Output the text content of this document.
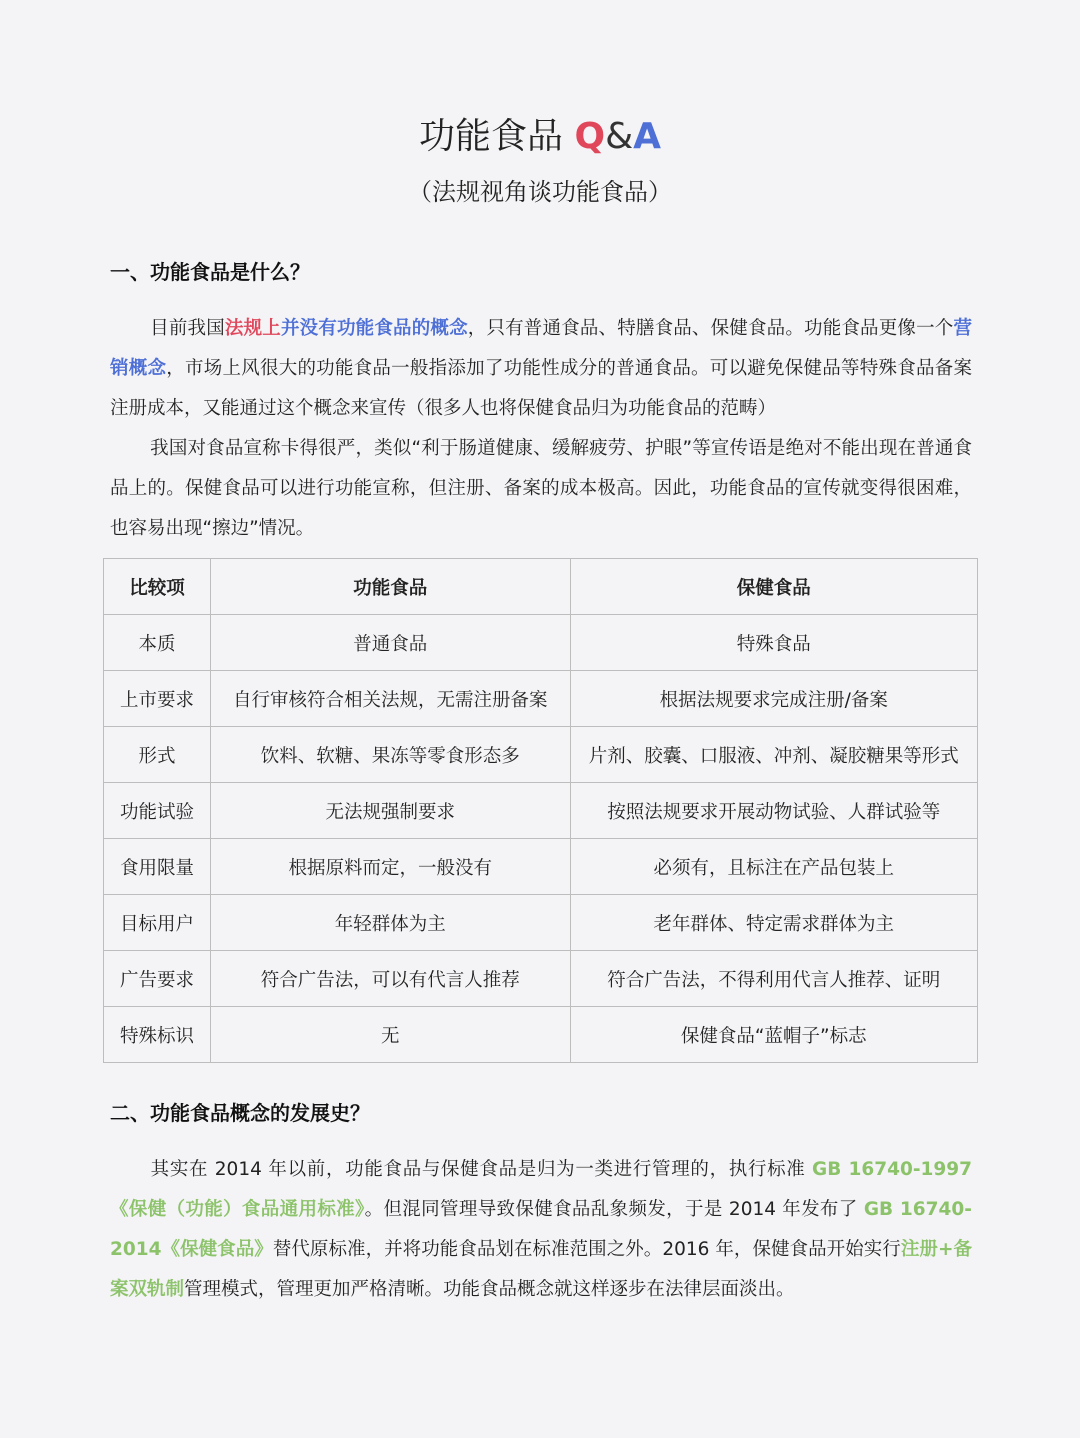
功能食品 Q&A
（法规视角谈功能食品）
一、功能食品是什么？
目前我国法规上并没有功能食品的概念，只有普通食品、特膳食品、保健食品。功能食品更像一个营销概念，市场上风很大的功能食品一般指添加了功能性成分的普通食品。可以避免保健品等特殊食品备案注册成本，又能通过这个概念来宣传（很多人也将保健食品归为功能食品的范畴）
我国对食品宣称卡得很严，类似“利于肠道健康、缓解疲劳、护眼”等宣传语是绝对不能出现在普通食品上的。保健食品可以进行功能宣称，但注册、备案的成本极高。因此，功能食品的宣传就变得很困难，也容易出现“擦边”情况。
比较项	功能食品	保健食品
本质	普通食品	特殊食品
上市要求	自行审核符合相关法规，无需注册备案	根据法规要求完成注册/备案
形式	饮料、软糖、果冻等零食形态多	片剂、胶囊、口服液、冲剂、凝胶糖果等形式
功能试验	无法规强制要求	按照法规要求开展动物试验、人群试验等
食用限量	根据原料而定，一般没有	必须有，且标注在产品包装上
目标用户	年轻群体为主	老年群体、特定需求群体为主
广告要求	符合广告法，可以有代言人推荐	符合广告法，不得利用代言人推荐、证明
特殊标识	无	保健食品“蓝帽子”标志
二、功能食品概念的发展史？
其实在 2014 年以前，功能食品与保健食品是归为一类进行管理的，执行标准 GB 16740-1997《保健（功能）食品通用标准》。但混同管理导致保健食品乱象频发，于是 2014 年发布了 GB 16740-2014《保健食品》替代原标准，并将功能食品划在标准范围之外。2016 年，保健食品开始实行注册+备案双轨制管理模式，管理更加严格清晰。功能食品概念就这样逐步在法律层面淡出。
